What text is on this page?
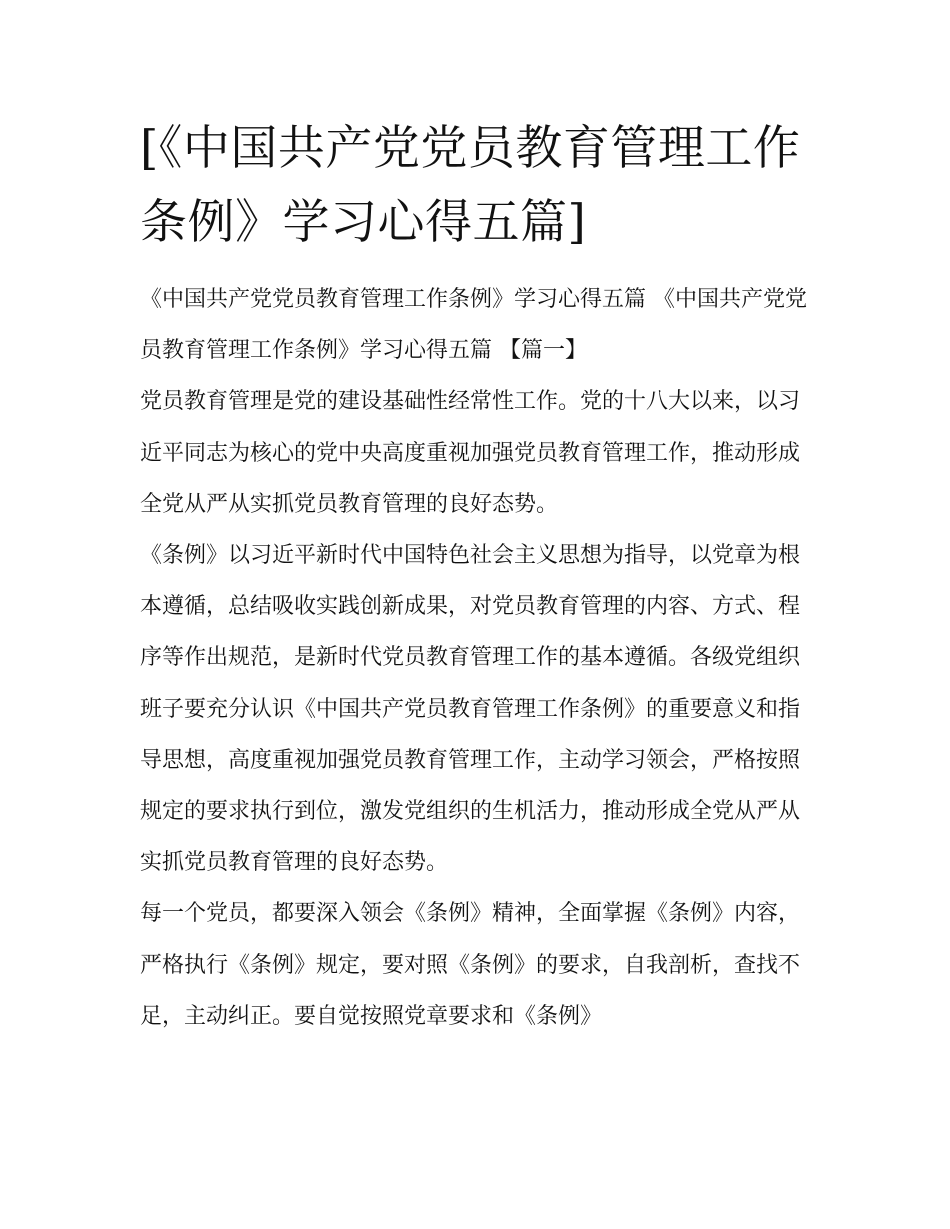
[《中国共产党党员教育管理工作条例》学习心得五篇]

《中国共产党党员教育管理工作条例》学习心得五篇 《中国共产党党员教育管理工作条例》学习心得五篇 【篇一】

党员教育管理是党的建设基础性经常性工作。党的十八大以来，以习近平同志为核心的党中央高度重视加强党员教育管理工作，推动形成全党从严从实抓党员教育管理的良好态势。

《条例》以习近平新时代中国特色社会主义思想为指导，以党章为根本遵循，总结吸收实践创新成果，对党员教育管理的内容、方式、程序等作出规范，是新时代党员教育管理工作的基本遵循。各级党组织班子要充分认识《中国共产党员教育管理工作条例》的重要意义和指导思想，高度重视加强党员教育管理工作，主动学习领会，严格按照规定的要求执行到位，激发党组织的生机活力，推动形成全党从严从实抓党员教育管理的良好态势。

每一个党员，都要深入领会《条例》精神，全面掌握《条例》内容，严格执行《条例》规定，要对照《条例》的要求，自我剖析，查找不足，主动纠正。要自觉按照党章要求和《条例》
